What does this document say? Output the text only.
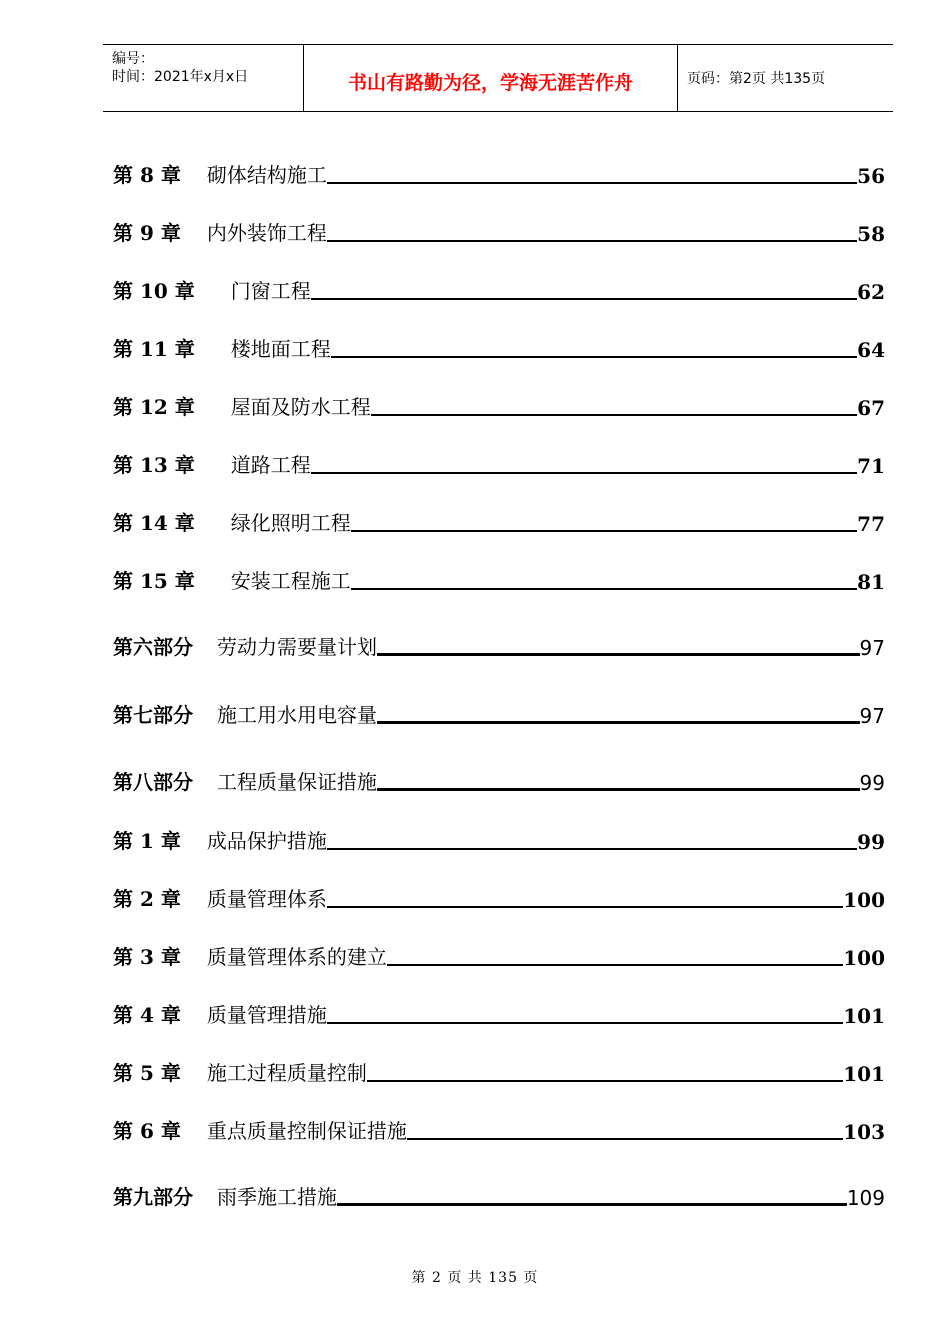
编号：
时间：2021年x月x日	书山有路勤为径，学海无涯苦作舟	页码：第2页 共135页
第 8 章 砌体结构施工	56
第 9 章 内外装饰工程	58
第 10 章 门窗工程	62
第 11 章 楼地面工程	64
第 12 章 屋面及防水工程	67
第 13 章 道路工程	71
第 14 章 绿化照明工程	77
第 15 章 安装工程施工	81
第六部分 劳动力需要量计划	97
第七部分 施工用水用电容量	97
第八部分 工程质量保证措施	99
第 1 章 成品保护措施	99
第 2 章 质量管理体系	100
第 3 章 质量管理体系的建立	100
第 4 章 质量管理措施	101
第 5 章 施工过程质量控制	101
第 6 章 重点质量控制保证措施	103
第九部分 雨季施工措施	109
第 2 页 共 135 页
